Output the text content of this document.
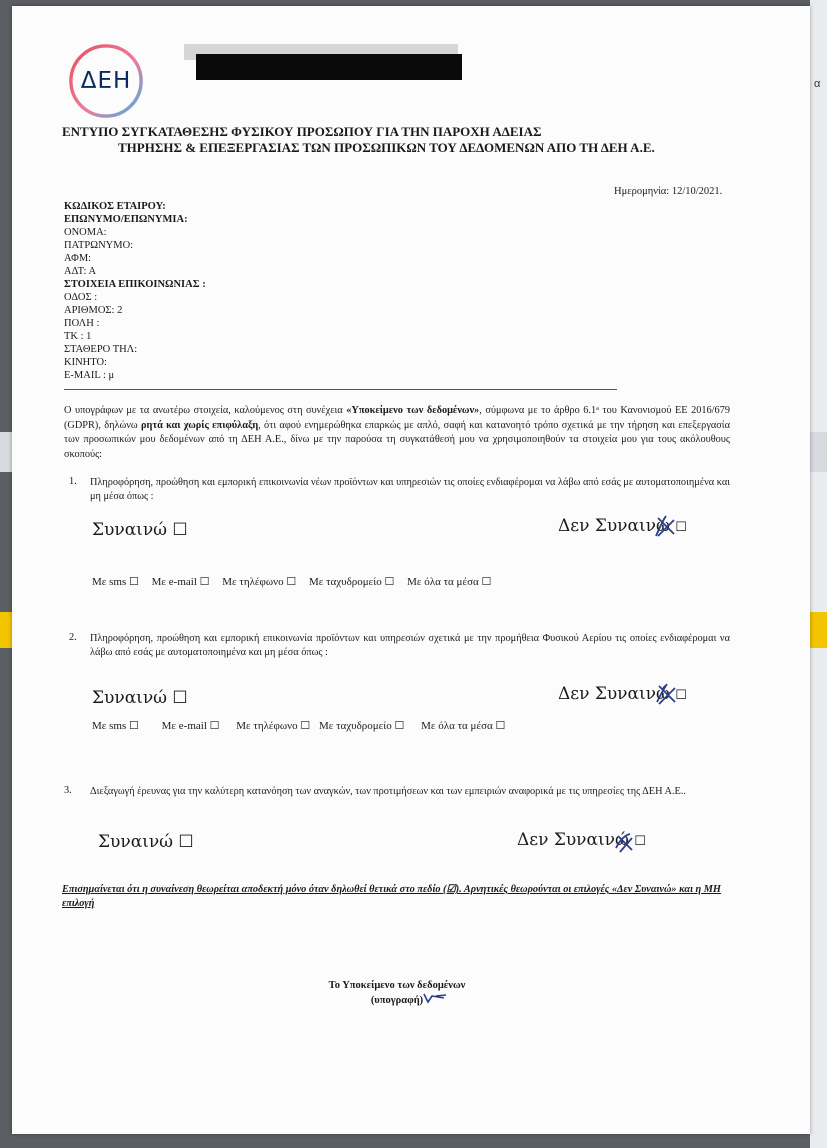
ΔΕΗ
ΕΝΤΥΠΟ ΣΥΓΚΑΤΑΘΕΣΗΣ ΦΥΣΙΚΟΥ ΠΡΟΣΩΠΟΥ ΓΙΑ ΤΗΝ ΠΑΡΟΧΗ ΑΔΕΙΑΣ
ΤΗΡΗΣΗΣ & ΕΠΕΞΕΡΓΑΣΙΑΣ ΤΩΝ ΠΡΟΣΩΠΙΚΩΝ ΤΟΥ ΔΕΔΟΜΕΝΩΝ ΑΠΟ ΤΗ ΔΕΗ Α.Ε.
Ημερομηνία: 12/10/2021.
ΚΩΔΙΚΟΣ ΕΤΑΙΡΟΥ:
ΕΠΩΝΥΜΟ/ΕΠΩΝΥΜΙΑ:
ΟΝΟΜΑ:
ΠΑΤΡΩΝΥΜΟ:
ΑΦΜ:
ΑΔΤ: Α
ΣΤΟΙΧΕΙΑ ΕΠΙΚΟΙΝΩΝΙΑΣ :
ΟΔΟΣ :
ΑΡΙΘΜΟΣ: 2
ΠΟΛΗ :
ΤΚ : 1
ΣΤΑΘΕΡΟ ΤΗΛ:
ΚΙΝΗΤΟ:
E-MAIL : μ
Ο υπογράφων με τα ανωτέρω στοιχεία, καλούμενος στη συνέχεια «Υποκείμενο των δεδομένων», σύμφωνα με το άρθρο 6.1ᵃ του Κανονισμού ΕΕ 2016/679 (GDPR), δηλώνω ρητά και χωρίς επιφύλαξη, ότι αφού ενημερώθηκα επαρκώς με απλό, σαφή και κατανοητό τρόπο σχετικά με την τήρηση και επεξεργασία των προσωπικών μου δεδομένων από τη ΔΕΗ Α.Ε., δίνω με την παρούσα τη συγκατάθεσή μου να χρησιμοποιηθούν τα στοιχεία μου για τους ακόλουθους σκοπούς:
1. Πληροφόρηση, προώθηση και εμπορική επικοινωνία νέων προϊόντων και υπηρεσιών τις οποίες ενδιαφέρομαι να λάβω από εσάς με αυτοματοποιημένα και μη μέσα όπως :
Συναινώ ☐	Δεν Συναινώ ☐
Με sms ☐ Με e-mail ☐ Με τηλέφωνο ☐ Με ταχυδρομείο ☐ Με όλα τα μέσα ☐
2. Πληροφόρηση, προώθηση και εμπορική επικοινωνία προϊόντων και υπηρεσιών σχετικά με την προμήθεια Φυσικού Αερίου τις οποίες ενδιαφέρομαι να λάβω από εσάς με αυτοματοποιημένα και μη μέσα όπως :
Συναινώ ☐	Δεν Συναινώ ☐
Με sms ☐ Με e-mail ☐ Με τηλέφωνο ☐ Με ταχυδρομείο ☐ Με όλα τα μέσα ☐
3. Διεξαγωγή έρευνας για την καλύτερη κατανόηση των αναγκών, των προτιμήσεων και των εμπειριών αναφορικά με τις υπηρεσίες της ΔΕΗ Α.Ε..
Συναινώ ☐	Δεν Συναινώ ☐
Επισημαίνεται ότι η συναίνεση θεωρείται αποδεκτή μόνο όταν δηλωθεί θετικά στο πεδίο (☑). Αρνητικές θεωρούνται οι επιλογές «Δεν Συναινώ» και η ΜΗ επιλογή
Το Υποκείμενο των δεδομένων
(υπογραφή)
α
